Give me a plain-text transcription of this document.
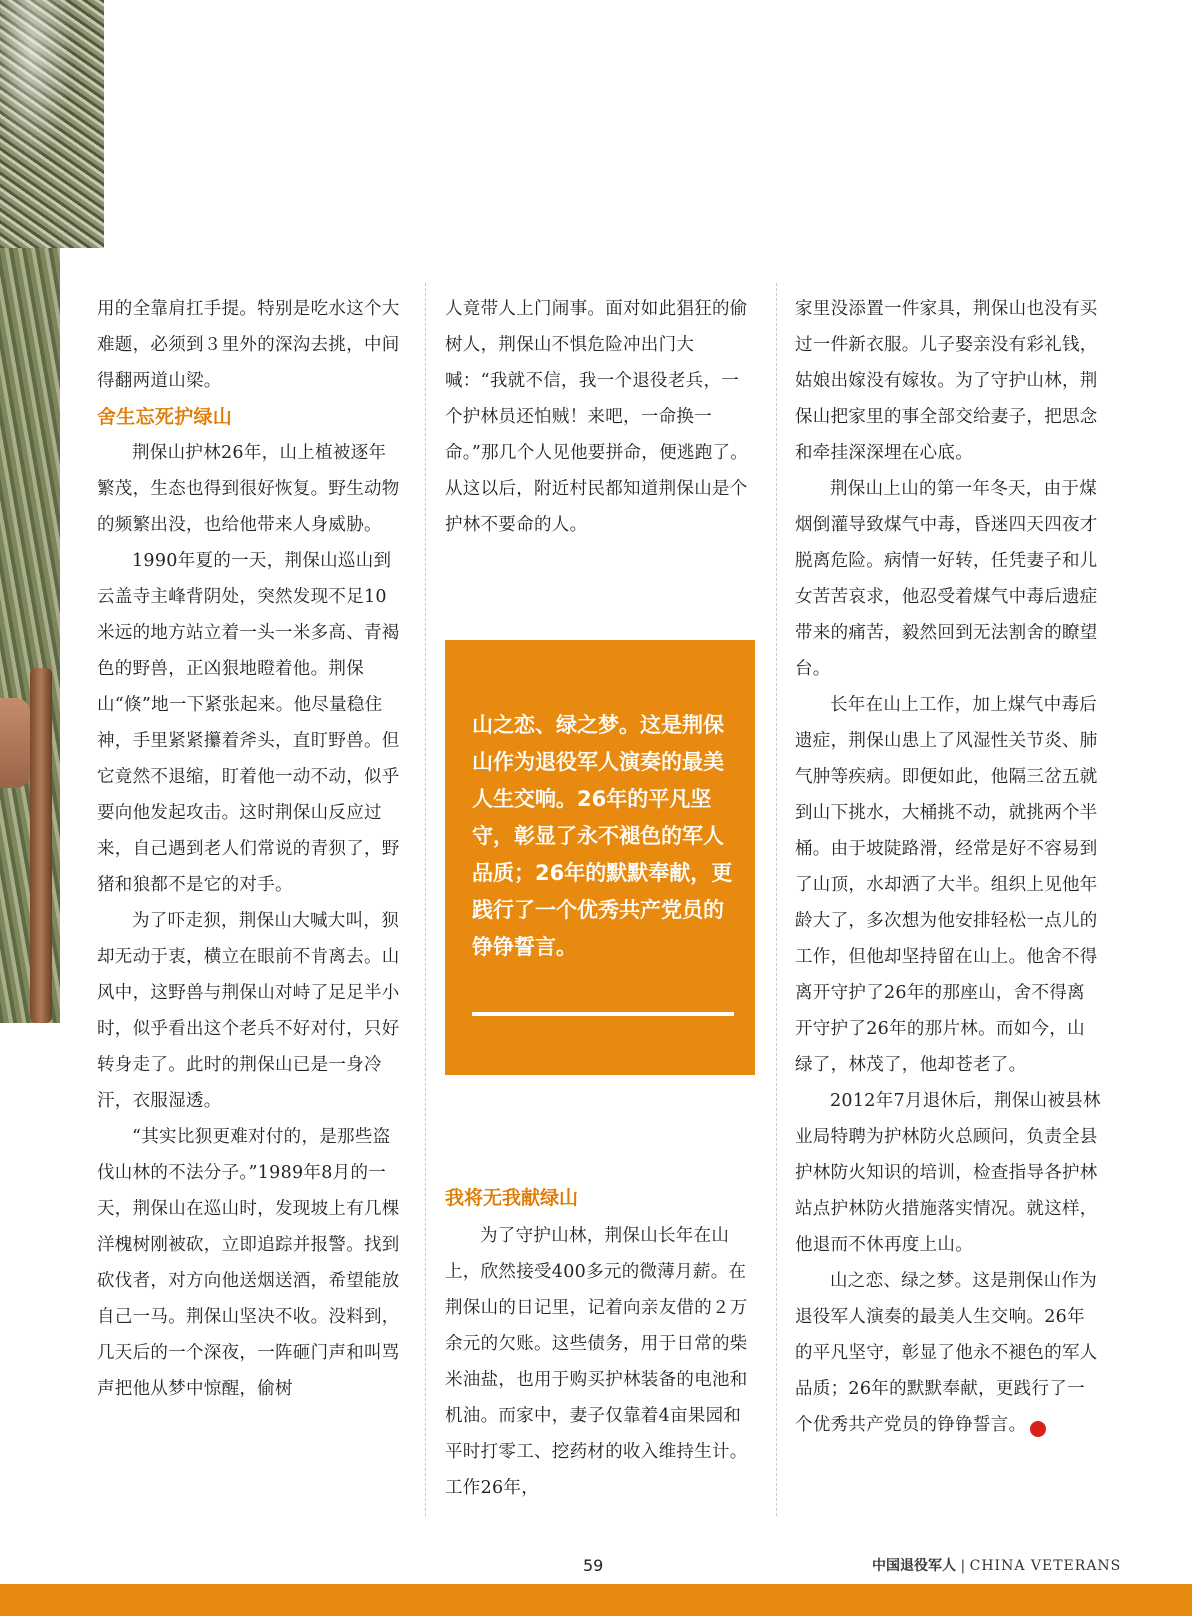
用的全靠肩扛手提。特别是吃水这个大难题，必须到３里外的深沟去挑，中间得翻两道山梁。

舍生忘死护绿山

荆保山护林26年，山上植被逐年繁茂，生态也得到很好恢复。野生动物的频繁出没，也给他带来人身威胁。

1990年夏的一天，荆保山巡山到云盖寺主峰背阴处，突然发现不足10米远的地方站立着一头一米多高、青褐色的野兽，正凶狠地瞪着他。荆保山“倏”地一下紧张起来。他尽量稳住神，手里紧紧攥着斧头，直盯野兽。但它竟然不退缩，盯着他一动不动，似乎要向他发起攻击。这时荆保山反应过来，自己遇到老人们常说的青狈了，野猪和狼都不是它的对手。

为了吓走狈，荆保山大喊大叫，狈却无动于衷，横立在眼前不肯离去。山风中，这野兽与荆保山对峙了足足半小时，似乎看出这个老兵不好对付，只好转身走了。此时的荆保山已是一身冷汗，衣服湿透。

“其实比狈更难对付的，是那些盗伐山林的不法分子。”1989年8月的一天，荆保山在巡山时，发现坡上有几棵洋槐树刚被砍，立即追踪并报警。找到砍伐者，对方向他送烟送酒，希望能放自己一马。荆保山坚决不收。没料到，几天后的一个深夜，一阵砸门声和叫骂声把他从梦中惊醒，偷树

人竟带人上门闹事。面对如此猖狂的偷树人，荆保山不惧危险冲出门大喊：“我就不信，我一个退役老兵，一个护林员还怕贼！来吧，一命换一命。”那几个人见他要拼命，便逃跑了。从这以后，附近村民都知道荆保山是个护林不要命的人。

山之恋、绿之梦。这是荆保山作为退役军人演奏的最美人生交响。26年的平凡坚守，彰显了永不褪色的军人品质；26年的默默奉献，更践行了一个优秀共产党员的铮铮誓言。

我将无我献绿山

为了守护山林，荆保山长年在山上，欣然接受400多元的微薄月薪。在荆保山的日记里，记着向亲友借的２万余元的欠账。这些债务，用于日常的柴米油盐，也用于购买护林装备的电池和机油。而家中，妻子仅靠着4亩果园和平时打零工、挖药材的收入维持生计。工作26年，

家里没添置一件家具，荆保山也没有买过一件新衣服。儿子娶亲没有彩礼钱，姑娘出嫁没有嫁妆。为了守护山林，荆保山把家里的事全部交给妻子，把思念和牵挂深深埋在心底。

荆保山上山的第一年冬天，由于煤烟倒灌导致煤气中毒，昏迷四天四夜才脱离危险。病情一好转，任凭妻子和儿女苦苦哀求，他忍受着煤气中毒后遗症带来的痛苦，毅然回到无法割舍的瞭望台。

长年在山上工作，加上煤气中毒后遗症，荆保山患上了风湿性关节炎、肺气肿等疾病。即便如此，他隔三岔五就到山下挑水，大桶挑不动，就挑两个半桶。由于坡陡路滑，经常是好不容易到了山顶，水却洒了大半。组织上见他年龄大了，多次想为他安排轻松一点儿的工作，但他却坚持留在山上。他舍不得离开守护了26年的那座山，舍不得离开守护了26年的那片林。而如今，山绿了，林茂了，他却苍老了。

2012年7月退休后，荆保山被县林业局特聘为护林防火总顾问，负责全县护林防火知识的培训，检查指导各护林站点护林防火措施落实情况。就这样，他退而不休再度上山。

山之恋、绿之梦。这是荆保山作为退役军人演奏的最美人生交响。26年的平凡坚守，彰显了他永不褪色的军人品质；26年的默默奉献，更践行了一个优秀共产党员的铮铮誓言。	V

59	中国退役军人 | CHINA VETERANS
